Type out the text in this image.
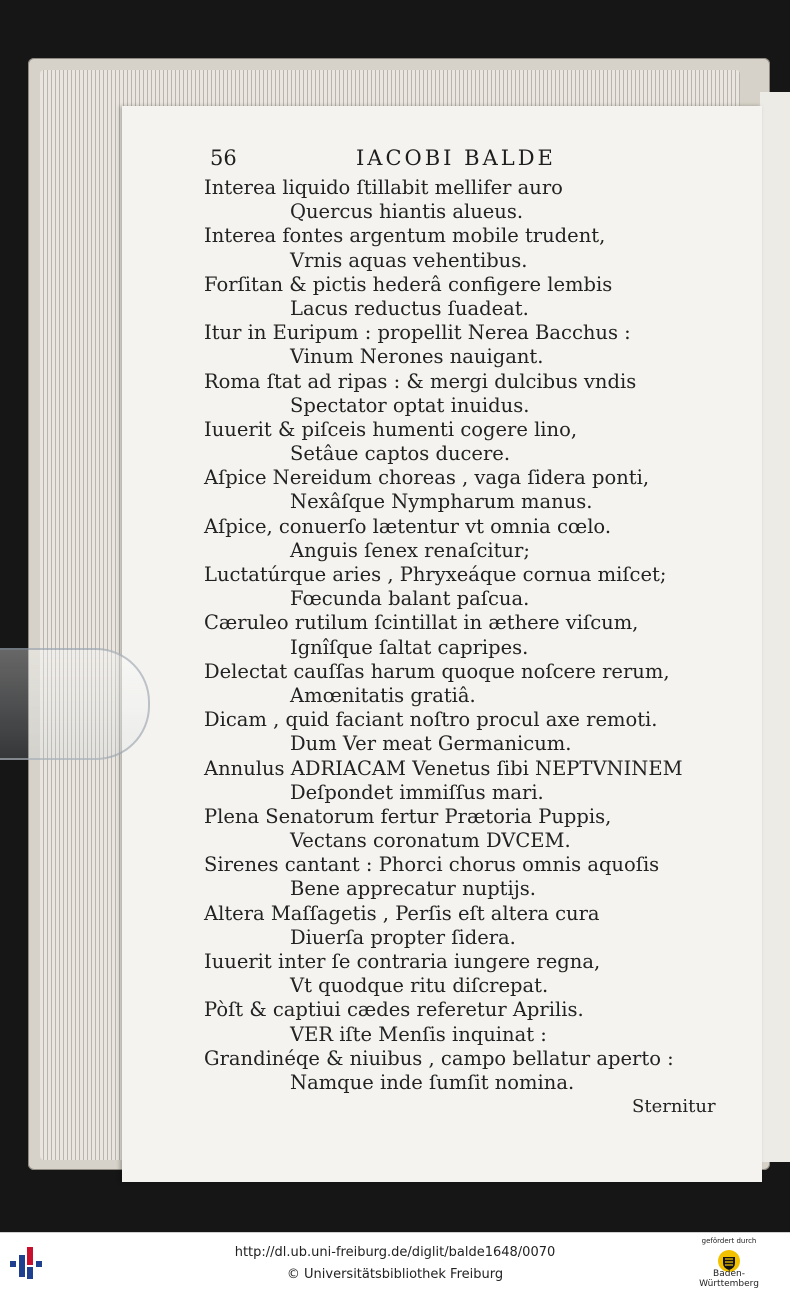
56	IACOBI BALDE
Interea liquido ſtillabit mellifer auro
Quercus hiantis alueus.
Interea fontes argentum mobile trudent,
Vrnis aquas vehentibus.
Forſitan & pictis hederâ configere lembis
Lacus reductus ſuadeat.
Itur in Euripum : propellit Nerea Bacchus :
Vinum Nerones nauigant.
Roma ſtat ad ripas : & mergi dulcibus vndis
Spectator optat inuidus.
Iuuerit & piſceis humenti cogere lino,
Setâue captos ducere.
Aſpice Nereidum choreas , vaga ſidera ponti,
Nexâſque Nympharum manus.
Aſpice, conuerſo lætentur vt omnia cœlo.
Anguis ſenex renaſcitur;
Luctatúrque aries , Phryxeáque cornua miſcet;
Fœcunda balant paſcua.
Cæruleo rutilum ſcintillat in æthere viſcum,
Ignîſque ſaltat capripes.
Delectat cauſſas harum quoque noſcere rerum,
Amœnitatis gratiâ.
Dicam , quid faciant noſtro procul axe remoti.
Dum Ver meat Germanicum.
Annulus ADRIACAM Venetus ſibi NEPTVNINEM
Deſpondet immiſſus mari.
Plena Senatorum fertur Prætoria Puppis,
Vectans coronatum DVCEM.
Sirenes cantant : Phorci chorus omnis aquoſis
Bene apprecatur nuptijs.
Altera Maſſagetis , Perſis eſt altera cura
Diuerſa propter ſidera.
Iuuerit inter ſe contraria iungere regna,
Vt quodque ritu diſcrepat.
Pòſt & captiui cædes referetur Aprilis.
VER iſte Menſis inquinat :
Grandinéqe & niuibus , campo bellatur aperto :
Namque inde ſumſit nomina.
Sternitur
http://dl.ub.uni-freiburg.de/diglit/balde1648/0070
© Universitätsbibliothek Freiburg
gefördert durch
Baden-Württemberg
